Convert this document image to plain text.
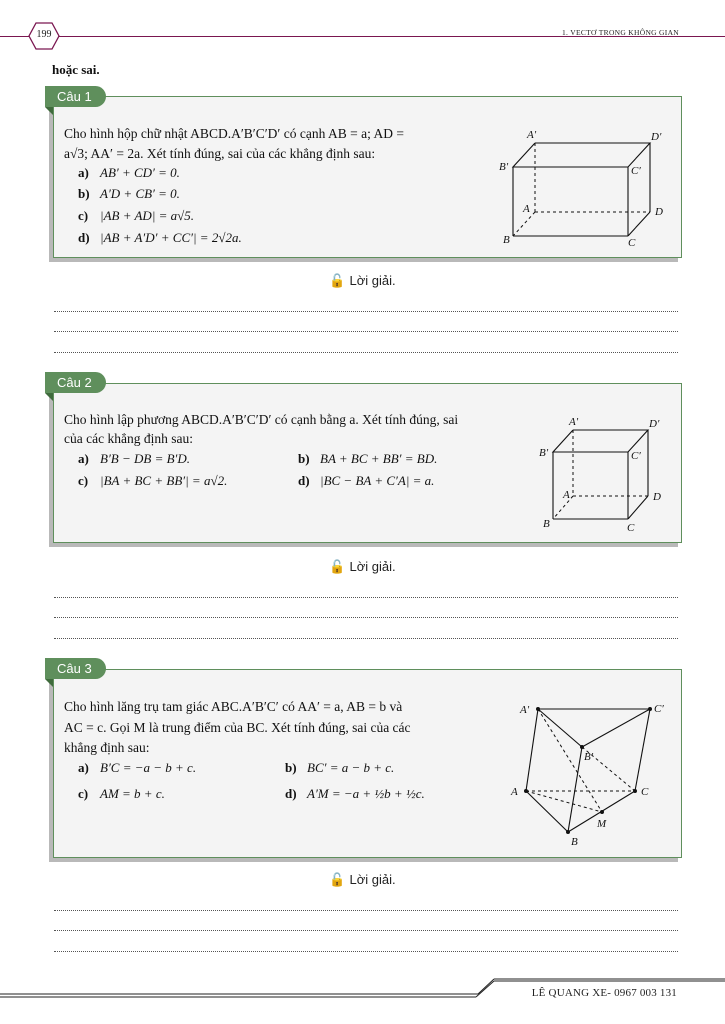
199	1. VECTƠ TRONG KHÔNG GIAN
hoặc sai.
Câu 1
Cho hình hộp chữ nhật ABCD.A′B′C′D′ có cạnh AB = a; AD =
a√3; AA′ = 2a. Xét tính đúng, sai của các khẳng định sau:
a) AB′ + CD′ = 0.
b) A′D + CB′ = 0.
c) |AB + AD| = a√5.
d) |AB + A′D′ + CC′| = 2√2a.
A′	D′
B′	C′
A	D
B	C
🔓 Lời giải.
Câu 2
Cho hình lập phương ABCD.A′B′C′D′ có cạnh bằng a. Xét tính đúng, sai
của các khẳng định sau:
a) B′B − DB = B′D.	b) BA + BC + BB′ = BD.
c) |BA + BC + BB′| = a√2.	d) |BC − BA + C′A| = a.
A′	D′
B′	C′
A	D
B	C
🔓 Lời giải.
Câu 3
Cho hình lăng trụ tam giác ABC.A′B′C′ có AA′ = a, AB = b và
AC = c. Gọi M là trung điểm của BC. Xét tính đúng, sai của các
khẳng định sau:
a) B′C = −a − b + c.	b) BC′ = a − b + c.
c) AM = b + c.	d) A′M = −a + ½b + ½c.
A′	C′
B′
A	C
M
B
🔓 Lời giải.
LÊ QUANG XE- 0967 003 131
